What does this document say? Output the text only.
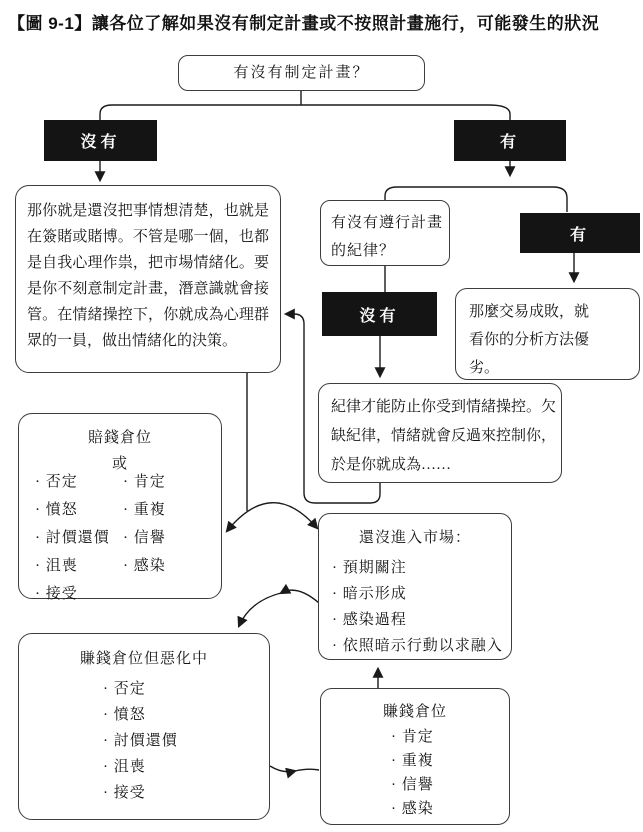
【圖 9-1】讓各位了解如果沒有制定計畫或不按照計畫施行，可能發生的狀況
有沒有制定計畫？
沒有	有
那你就是還沒把事情想清楚，也就是在簽賭或賭博。不管是哪一個，也都是自我心理作祟，把市場情緒化。要是你不刻意制定計畫，潛意識就會接管。在情緒操控下，你就成為心理群眾的一員，做出情緒化的決策。
有沒有遵行計畫的紀律？
有
沒有	那麼交易成敗，就看你的分析方法優劣。
紀律才能防止你受到情緒操控。欠缺紀律，情緒就會反過來控制你，於是你就成為……
賠錢倉位
或
· 否定
· 憤怒
· 討價還價
· 沮喪
· 接受
· 肯定
· 重複
· 信譽
· 感染
還沒進入市場：
· 預期關注
· 暗示形成
· 感染過程
· 依照暗示行動以求融入
賺錢倉位但惡化中
· 否定
· 憤怒
· 討價還價
· 沮喪
· 接受
賺錢倉位
· 肯定
· 重複
· 信譽
· 感染
